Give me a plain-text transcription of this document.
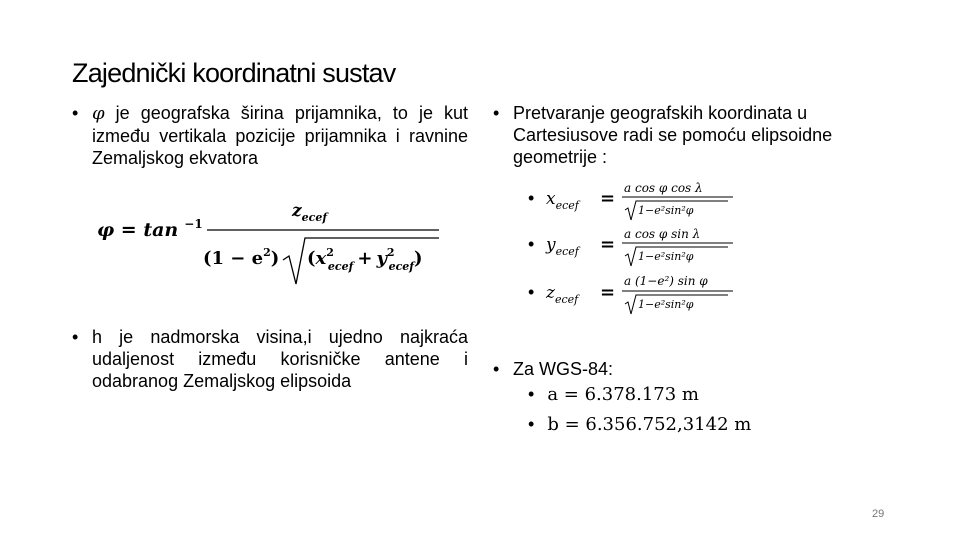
Zajednički koordinatni sustav
• φ je geografska širina prijamnika, to je kut između vertikala pozicije prijamnika i ravnine Zemaljskog ekvatora
φ = tan $^{-1}$
$z_{ecef}$
$(1 - e^2)$ ($x^2$ ecef + $y^2$ ecef)
• h je nadmorska visina,i ujedno najkraća udaljenost između korisničke antene i odabranog Zemaljskog elipsoida
• Pretvaranje geografskih koordinata u Cartesiusove radi se pomoću elipsoidne geometrije :
• $x_{ecef} = a$ cos φ cos λ
1−e²sin²φ
• $y_{ecef} = a$ cos φ sin λ
1−e²sin²φ
• $z_{ecef}$ =
a (1−e²) sin φ
1−e²sin²φ
• Za WGS-84:
• a = 6.378.173 m
• b = 6.356.752,3142 m
29
